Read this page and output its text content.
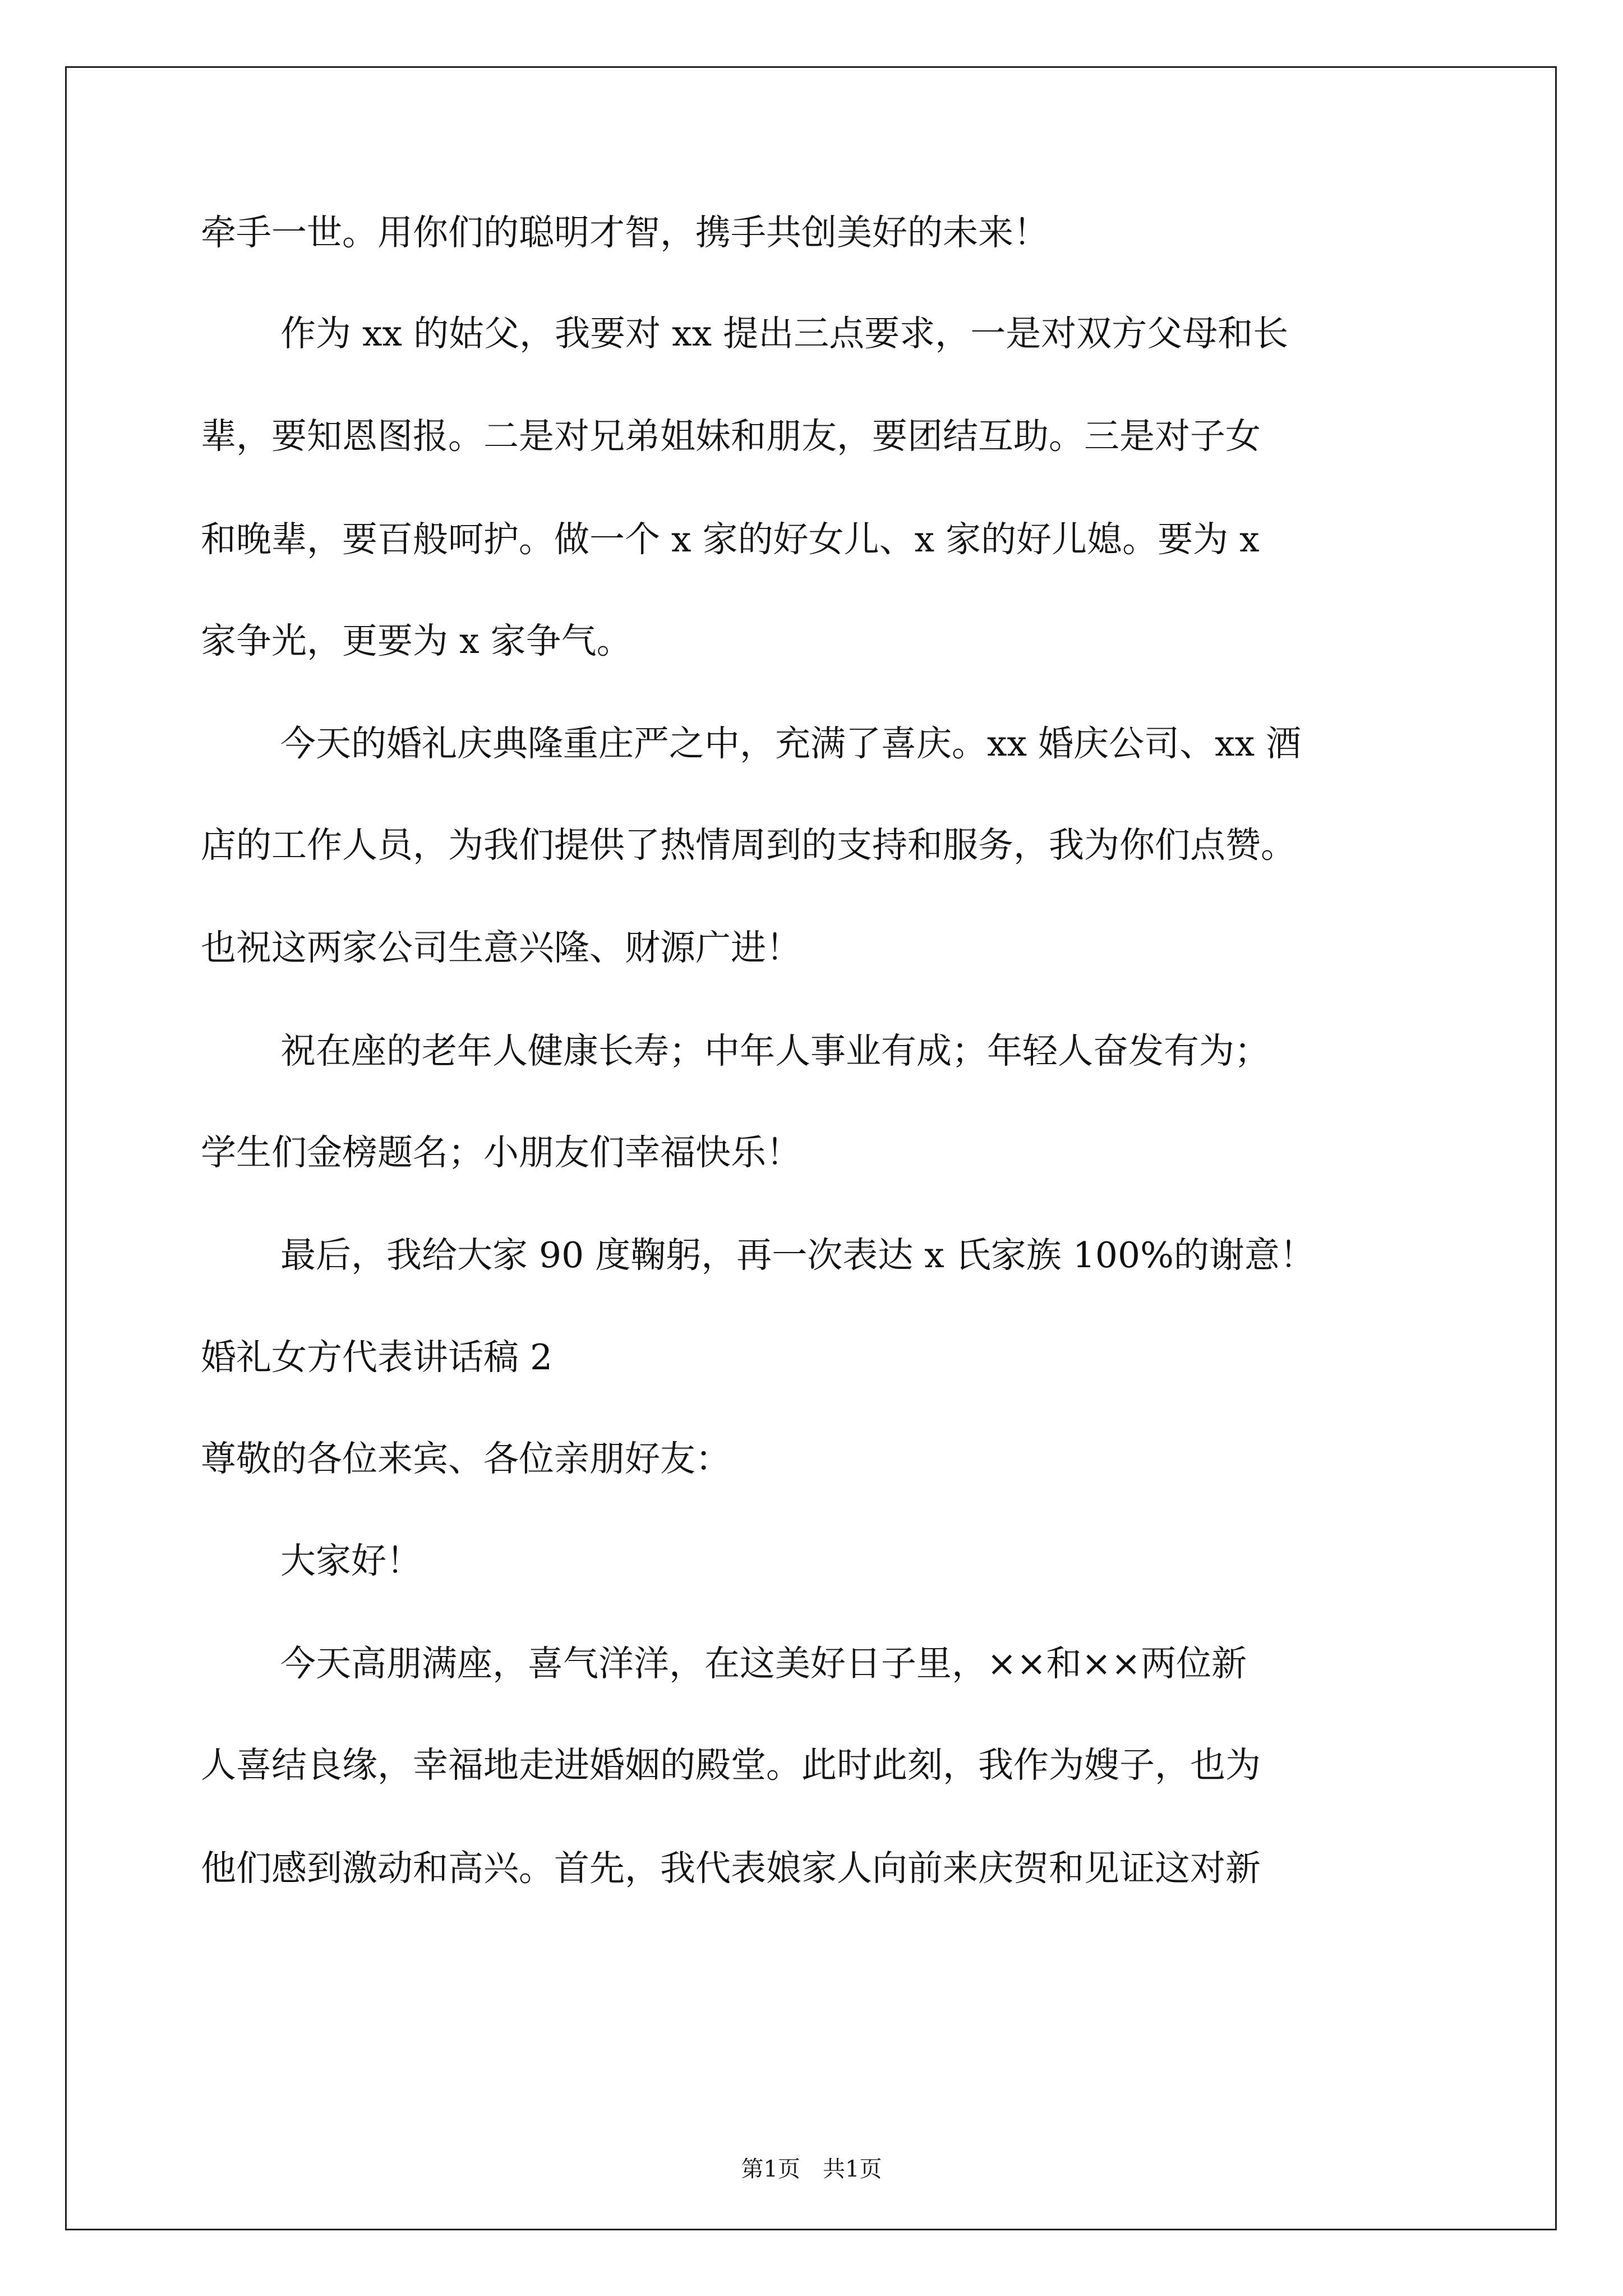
牵手一世。用你们的聪明才智，携手共创美好的未来！
作为 xx 的姑父，我要对 xx 提出三点要求，一是对双方父母和长
辈，要知恩图报。二是对兄弟姐妹和朋友，要团结互助。三是对子女
和晚辈，要百般呵护。做一个 x 家的好女儿、x 家的好儿媳。要为 x
家争光，更要为 x 家争气。
今天的婚礼庆典隆重庄严之中，充满了喜庆。xx 婚庆公司、xx 酒
店的工作人员，为我们提供了热情周到的支持和服务，我为你们点赞。
也祝这两家公司生意兴隆、财源广进！
祝在座的老年人健康长寿；中年人事业有成；年轻人奋发有为；
学生们金榜题名；小朋友们幸福快乐！
最后，我给大家 90 度鞠躬，再一次表达 x 氏家族 100%的谢意！
婚礼女方代表讲话稿 2
尊敬的各位来宾、各位亲朋好友：
大家好！
今天高朋满座，喜气洋洋，在这美好日子里，××和××两位新
人喜结良缘，幸福地走进婚姻的殿堂。此时此刻，我作为嫂子，也为
他们感到激动和高兴。首先，我代表娘家人向前来庆贺和见证这对新
第1页　共1页
